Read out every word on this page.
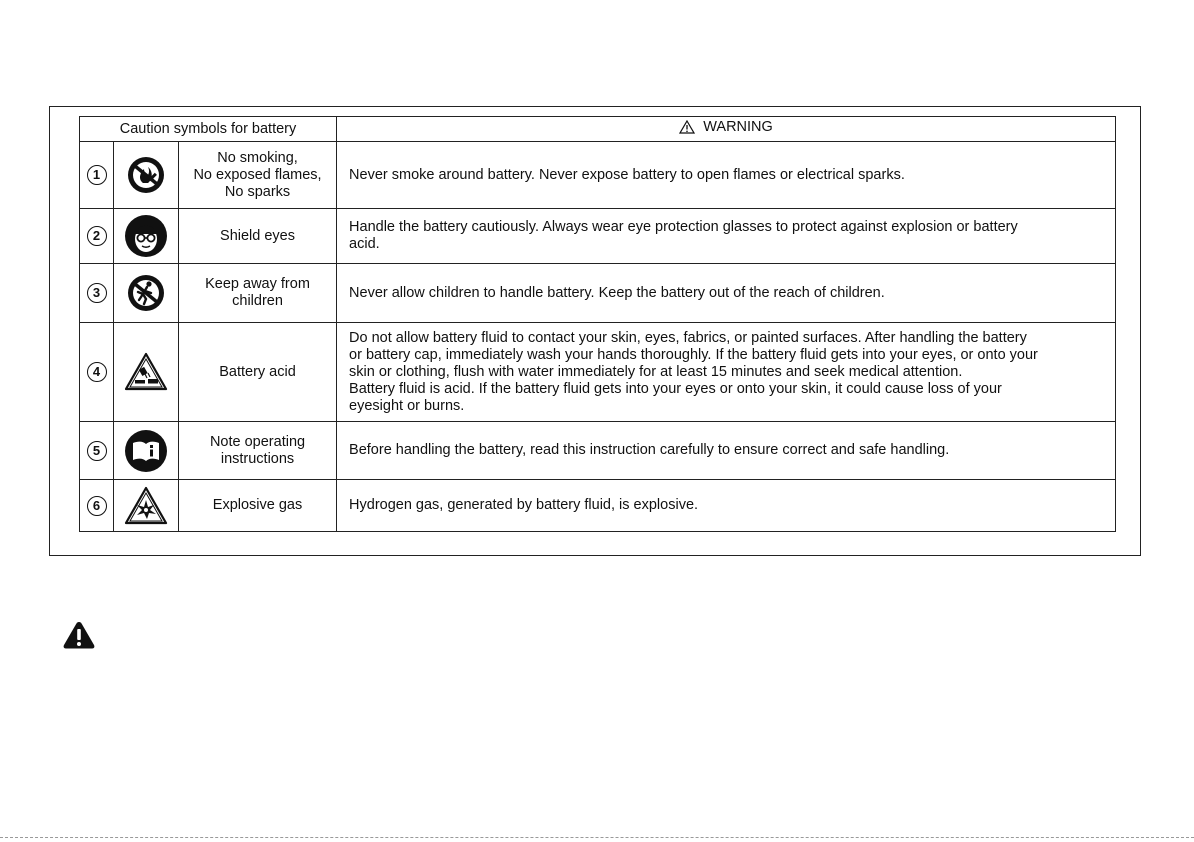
Caution symbols for battery			WARNING

1		No smoking,
No exposed flames,
No sparks	Never smoke around battery. Never expose battery to open flames or electrical sparks.
2		Shield eyes	Handle the battery cautiously. Always wear eye protection glasses to protect against explosion or battery
acid.
3		Keep away from
children	Never allow children to handle battery. Keep the battery out of the reach of children.
4		Battery acid	Do not allow battery fluid to contact your skin, eyes, fabrics, or painted surfaces. After handling the battery
or battery cap, immediately wash your hands thoroughly. If the battery fluid gets into your eyes, or onto your
skin or clothing, flush with water immediately for at least 15 minutes and seek medical attention.
Battery fluid is acid. If the battery fluid gets into your eyes or onto your skin, it could cause loss of your
eyesight or burns.
5		Note operating
instructions	Before handling the battery, read this instruction carefully to ensure correct and safe handling.
6		Explosive gas	Hydrogen gas, generated by battery fluid, is explosive.
